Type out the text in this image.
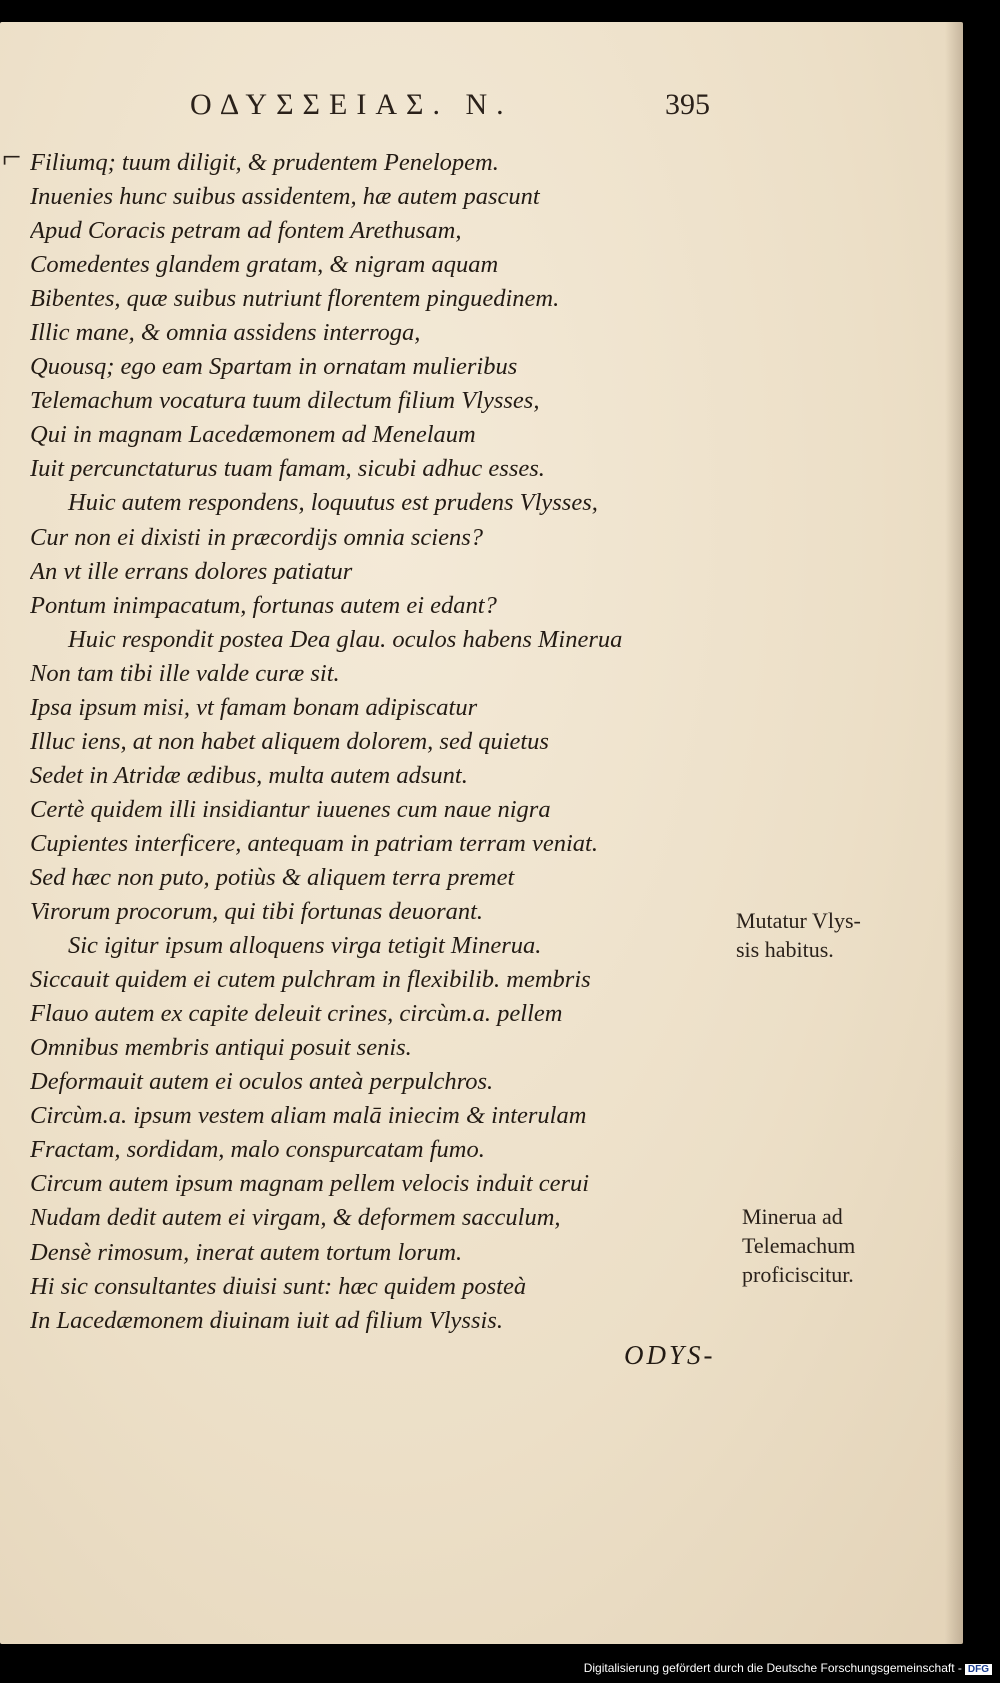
ΟΔΥΣΣΕΙΑΣ. Ν.	395
⌐ Filiumq; tuum diligit, & prudentem Penelopem.
Inuenies hunc suibus assidentem, hæ autem pascunt
Apud Coracis petram ad fontem Arethusam,
Comedentes glandem gratam, & nigram aquam
Bibentes, quæ suibus nutriunt florentem pinguedinem.
Illic mane, & omnia assidens interroga,
Quousq; ego eam Spartam in ornatam mulieribus
Telemachum vocatura tuum dilectum filium Vlysses,
Qui in magnam Lacedæmonem ad Menelaum
Iuit percunctaturus tuam famam, sicubi adhuc esses.
Huic autem respondens, loquutus est prudens Vlysses,
Cur non ei dixisti in præcordijs omnia sciens?
An vt ille errans dolores patiatur
Pontum inimpacatum, fortunas autem ei edant?
Huic respondit postea Dea glau. oculos habens Minerua
Non tam tibi ille valde curæ sit.
Ipsa ipsum misi, vt famam bonam adipiscatur
Illuc iens, at non habet aliquem dolorem, sed quietus
Sedet in Atridæ ædibus, multa autem adsunt.
Certè quidem illi insidiantur iuuenes cum naue nigra
Cupientes interficere, antequam in patriam terram veniat.
Sed hæc non puto, potiùs & aliquem terra premet
Virorum procorum, qui tibi fortunas deuorant.
Sic igitur ipsum alloquens virga tetigit Minerua.
Siccauit quidem ei cutem pulchram in flexibilib. membris
Flauo autem ex capite deleuit crines, circùm.a. pellem
Omnibus membris antiqui posuit senis.
Deformauit autem ei oculos anteà perpulchros.
Circùm.a. ipsum vestem aliam malā inieciт & interulam
Fractam, sordidam, malo conspurcatam fumo.
Circum autem ipsum magnam pellem velocis induit cerui
Nudam dedit autem ei virgam, & deformem sacculum,
Densè rimosum, inerat autem tortum lorum.
Hi sic consultantes diuisi sunt: hæc quidem posteà
In Lacedæmonem diuinam iuit ad filium Vlyssis.
Mutatur Vlys-
sis habitus.
Minerua ad
Telemachum
proficiscitur.
ODYS-
Digitalisierung gefördert durch die Deutsche Forschungsgemeinschaft - DFG
